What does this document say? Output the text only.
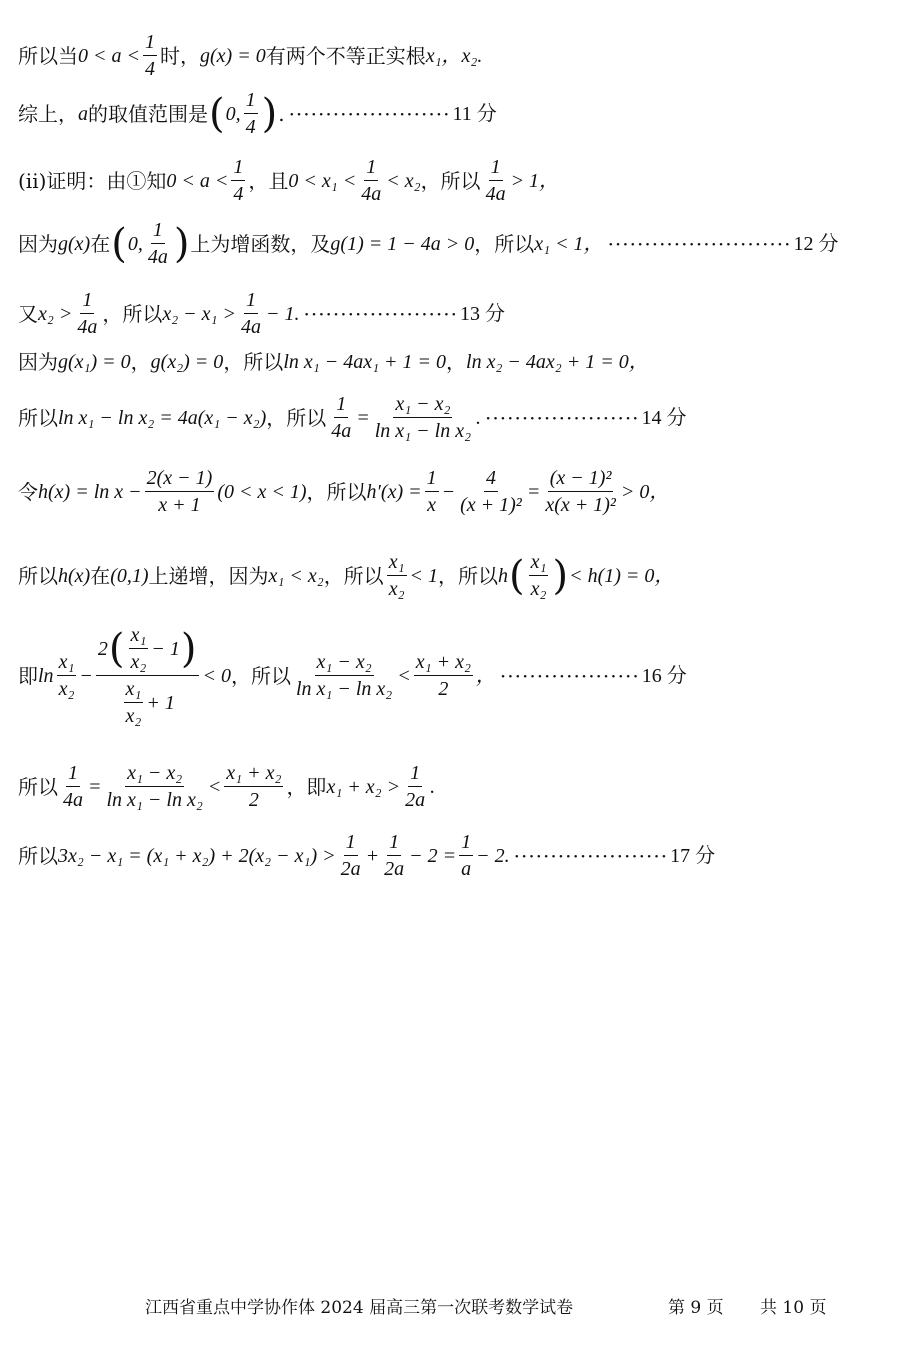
所以当 $0 < a < \frac{1}{4}$ 时， g(x) = 0 有两个不等正实根 x₁，x₂.
综上， a 的取值范围是 ( 0, $\frac{1}{4}$ ) . ······················ 11 分
(ii)证明：由①知 $0 < a < \frac{1}{4}$ ，且 $0 < x_1 < \frac{1}{4a} < x_2$ ，所以 $\frac{1}{4a} > 1$，
因为 g(x) 在 ( 0, $\frac{1}{4a}$ ) 上为增函数，及 g(1) = 1 − 4a > 0 ，所以 x₁ < 1， ························· 12 分
又 $x_2 > \frac{1}{4a}$ ，所以 $x_2 - x_1 > \frac{1}{4a} - 1$. ····················· 13 分
因为 g(x₁) = 0 ， g(x₂) = 0 ，所以 ln x₁ − 4ax₁ + 1 = 0 ， ln x₂ − 4ax₂ + 1 = 0，
所以 ln x₁ − ln x₂ = 4a(x₁ − x₂) ，所以 $\frac{1}{4a} = \frac{\text{x₁ − x₂}}{\text{ln x₁ − ln x₂}}$ . ····················· 14 分
令 $h(x) = \ln x - \frac{2(x - 1)}{x + 1} (0 < x < 1)$ ，所以 $h'(x) = \frac{1}{x} - \frac{4}{\text{(x + 1)²}} = \frac{\text{(x − 1)²}}{\text{x(x + 1)²}} > 0$，
所以 h(x) 在 (0,1) 上递增，因为 x₁ < x₂ ，所以 $\frac{\text{x₁}}{\text{x₂}} < 1$ ，所以 h ( $\frac{\text{x₁}}{\text{x₂}}$ ) < h(1) = 0，
即 $\ln \frac{\text{x₁}}{\text{x₂}} - \frac{2 ( \frac{\text{x₁}}{\text{x₂}} - 1 )}{\frac{\text{x₁}}{\text{x₂}} + 1} < 0$ ，所以 $\frac{\text{x₁ − x₂}}{\text{ln x₁ − ln x₂}} < \frac{\text{x₁ + x₂}}{2}$ ， ··················· 16 分
所以 $\frac{1}{4a} = \frac{\text{x₁ − x₂}}{\text{ln x₁ − ln x₂}} < \frac{\text{x₁ + x₂}}{2}$ ，即 $x_1 + x_2 > \frac{1}{2a}$ .
所以 $3x_2 - x_1 = (x_1 + x_2) + 2(x_2 - x_1) > \frac{1}{2a} + \frac{1}{2a} - 2 = \frac{1}{a} - 2$. ····················· 17 分
江西省重点中学协作体 2024 届高三第一次联考数学试卷	第 9 页 共 10 页
